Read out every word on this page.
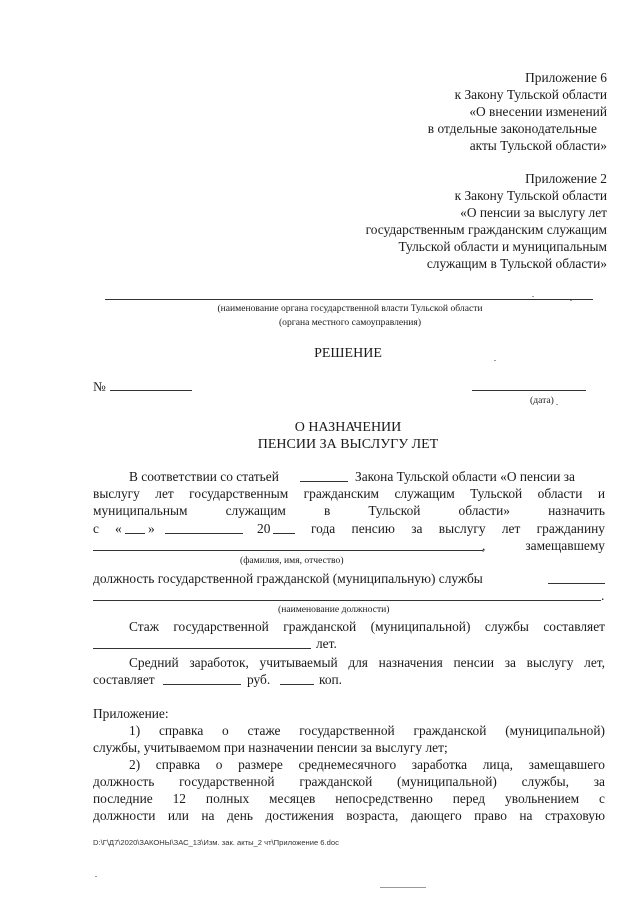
Приложение 6
к Закону Тульской области
«О внесении изменений
в отдельные законодательные
акты Тульской области»
Приложение 2
к Закону Тульской области
«О пенсии за выслугу лет
государственным гражданским служащим
Тульской области и муниципальным
служащим в Тульской области»
(наименование органа государственной власти Тульской области
(органа местного самоуправления)
РЕШЕНИЕ
№
(дата)
О НАЗНАЧЕНИИ
ПЕНСИИ ЗА ВЫСЛУГУ ЛЕТ
В соответствии со статьей	Закона Тульской области «О пенсии за
выслугу лет государственным гражданским служащим Тульской области и
муниципальным	служащим	в	Тульской	области»	назначить
с « »	20	года пенсию за выслугу лет гражданину
, замещавшему
(фамилия, имя, отчество)
должность государственной гражданской (муниципальную) службы
.
(наименование должности)
Стаж государственной гражданской (муниципальной) службы составляет
лет.
Средний заработок, учитываемый для назначения пенсии за выслугу лет,
составляет	руб.	коп.
Приложение:
1) справка о стаже государственной гражданской (муниципальной)
службы, учитываемом при назначении пенсии за выслугу лет;
2) справка о размере среднемесячного заработка лица, замещавшего
должность государственной гражданской (муниципальной) службы, за
последние 12 полных месяцев непосредственно перед увольнением с
должности или на день достижения возраста, дающего право на страховую
D:\Г\Д7\2020\ЗАКОНЫ\ЗАС_13\Изм. зак. акты_2 чт\Приложение 6.doc
